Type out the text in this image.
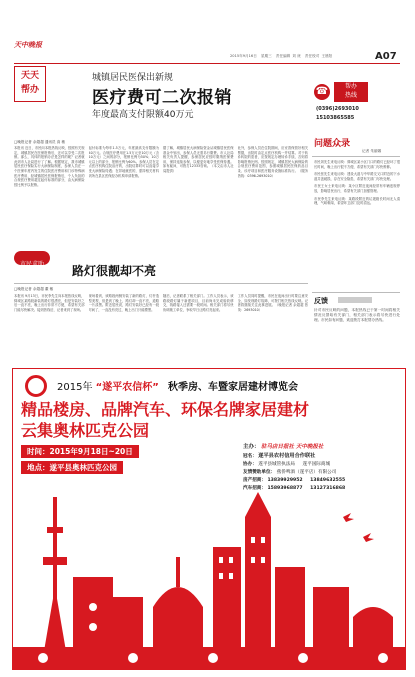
天中晚报
2015年9月16日 星期三 责任编辑 刘 庚 责任校对 王晨阳	A07
天天
帮办
城镇居民医保出新规
医疗费可二次报销
年度最高支付限额40万元
☎	帮办
热线
(0396)2693010
15103865585
□晚报记者 余超超 通讯员 高 敏
本报讯 近日，市民向本报热线反映，按照有关规定，城镇居民在医保报销后，还可以享受二次报销。那么，具体的报销办法是怎样的呢？记者就此到市人社局进行了了解。根据规定，我市城镇居民医疗保险实行大病保险制度，参保人员在一个医保年度内发生的住院医疗费用和门诊特殊病医疗费用，经城镇居民医保报销后，个人负担的合规医疗费用超过起付标准的部分，由大病保险按比例予以报销。
起付标准为每年1.5万元，年度最高支付限额为40万元。合规医疗费用在1.5万元至10万元（含10万元）之间的部分，报销比例为50%；10万元以上的部分，报销比例为60%。参保人员在定点医疗机构住院治疗的，出院结算时可以直接享受大病保险待遇；在异地就医的，需持相关材料到所在县区医保经办机构申请报销。
据了解，城镇居民大病保险资金从城镇居民医保基金中划出，参保人员无需另行缴费。市人社局相关负责人提醒，参保居民应按时缴纳医保费用，保持连续参保，以便更好地享受医保待遇。如有疑问，可拨打12333咨询。（本文由市人社局提供）
此外，参保人员在住院期间，应妥善保管好相关票据，出院时由定点医疗机构一并结算。对于转诊转院的患者，应按规定办理转诊手续，否则将影响报销比例。按照规定，城镇居民大病保险的合规医疗费用范围，参照城镇居民医保药品目录、诊疗项目和医疗服务设施标准执行。（服务热线：0396-2693010）
问题众录
记者 朱丽娜
市民刘先生来电反映：驿城区某小区门口的路灯已经坏了很长时间，晚上出行很不方便，希望有关部门尽快维修。
市民张先生来电反映：建设大道与中华路交叉口附近的下水道井盖破损，存在安全隐患，希望有关部门尽快处理。
市民王女士来电反映：某小区附近夜间经常有车辆违规停放，影响居民出行，希望有关部门加强管理。
市民李先生来电反映：某路段附近的垃圾箱长时间无人清理，气味难闻，希望环卫部门及时清运。
反馈
针对市民反映的问题，本报热线已于第一时间将相关情况反馈给有关部门，相关部门表示将尽快进行处理。市民如有问题，欢迎拨打本报帮办热线。
市民求助	路灯很靓却不亮
□晚报记者 余超超 董 敏
本报讯 9月13日，市民李先生向本报热线反映，驿城区某路段新装的路灯很漂亮，但是安装好之后一直不亮，晚上出行非常不方便，希望有关部门能尽快解决。接到热线后，记者来到了现场。
现场看到，该路段两侧安装了新的路灯，灯杆造型美观，但是到了晚上，路灯却一直不亮，道路一片漆黑。附近居民说，路灯安装好已经有一段时间了，一直没有亮过，晚上出门只能摸黑。
随后，记者联系了相关部门。工作人员表示，该路段路灯属于新建项目，目前尚未完成验收移交，线路接入还需要一段时间。相关部门将尽快协调施工单位，争取早日让路灯亮起来。
工作人员同时提醒，市民在夜间出行时要注意安全，如发现路灯故障，可拨打相关热线反映。记者将继续关注此事进展。（晚报记者 余超超 热线：2693010）
2015年 “遂平农信杯” 秋季房、车暨家居建材博览会
精品楼房、品牌汽车、环保名牌家居建材
云集奥林匹克公园
时间：2015年9月18日~20日
地点：遂平县奥林匹克公园
主办： 驻马店日报社 天中晚报社
冠名： 遂平县农村信用合作联社
协办： 遂平县城管执法局 遂平国际商城
友情赞助单位： 燕侨啤酒（遂平店）有限公司
房产招商： 13839929952 13849632555
汽车招商： 15893968877 13127316868
